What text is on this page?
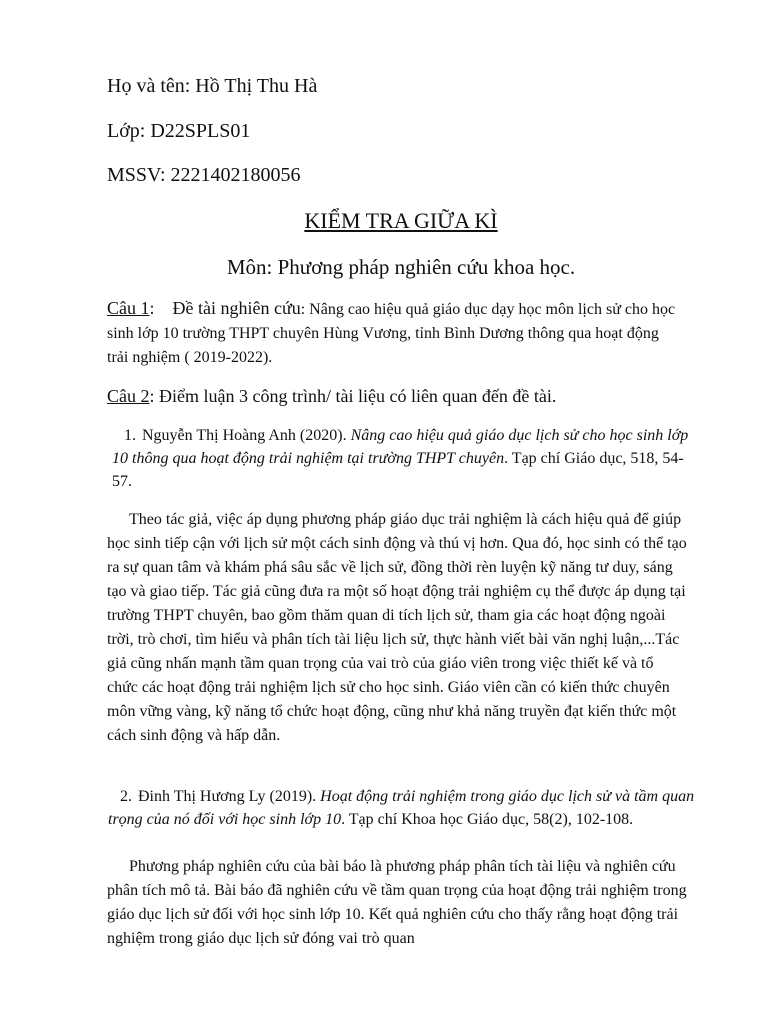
Họ và tên: Hồ Thị Thu Hà
Lớp: D22SPLS01
MSSV: 2221402180056
KIỂM TRA GIỮA KÌ
Môn: Phương pháp nghiên cứu khoa học.
Câu 1:    Đề tài nghiên cứu: Nâng cao hiệu quả giáo dục dạy học môn lịch sử cho học sinh lớp 10 trường THPT chuyên Hùng Vương, tỉnh Bình Dương thông qua hoạt động trải nghiệm ( 2019-2022).
Câu 2: Điểm luận 3 công trình/ tài liệu có liên quan đến đề tài.
1. Nguyễn Thị Hoàng Anh (2020). Nâng cao hiệu quả giáo dục lịch sử cho học sinh lớp 10 thông qua hoạt động trải nghiệm tại trường THPT chuyên. Tạp chí Giáo dục, 518, 54-57.
Theo tác giả, việc áp dụng phương pháp giáo dục trải nghiệm là cách hiệu quả để giúp học sinh tiếp cận với lịch sử một cách sinh động và thú vị hơn. Qua đó, học sinh có thể tạo ra sự quan tâm và khám phá sâu sắc về lịch sử, đồng thời rèn luyện kỹ năng tư duy, sáng tạo và giao tiếp. Tác giả cũng đưa ra một số hoạt động trải nghiệm cụ thể được áp dụng tại trường THPT chuyên, bao gồm thăm quan di tích lịch sử, tham gia các hoạt động ngoài trời, trò chơi, tìm hiểu và phân tích tài liệu lịch sử, thực hành viết bài văn nghị luận,...Tác giả cũng nhấn mạnh tầm quan trọng của vai trò của giáo viên trong việc thiết kế và tổ chức các hoạt động trải nghiệm lịch sử cho học sinh. Giáo viên cần có kiến thức chuyên môn vững vàng, kỹ năng tổ chức hoạt động, cũng như khả năng truyền đạt kiến thức một cách sinh động và hấp dẫn.
2. Đinh Thị Hương Ly (2019). Hoạt động trải nghiệm trong giáo dục lịch sử và tầm quan trọng của nó đối với học sinh lớp 10. Tạp chí Khoa học Giáo dục, 58(2), 102-108.
Phương pháp nghiên cứu của bài báo là phương pháp phân tích tài liệu và nghiên cứu phân tích mô tả. Bài báo đã nghiên cứu về tầm quan trọng của hoạt động trải nghiệm trong giáo dục lịch sử đối với học sinh lớp 10. Kết quả nghiên cứu cho thấy rằng hoạt động trải nghiệm trong giáo dục lịch sử đóng vai trò quan
